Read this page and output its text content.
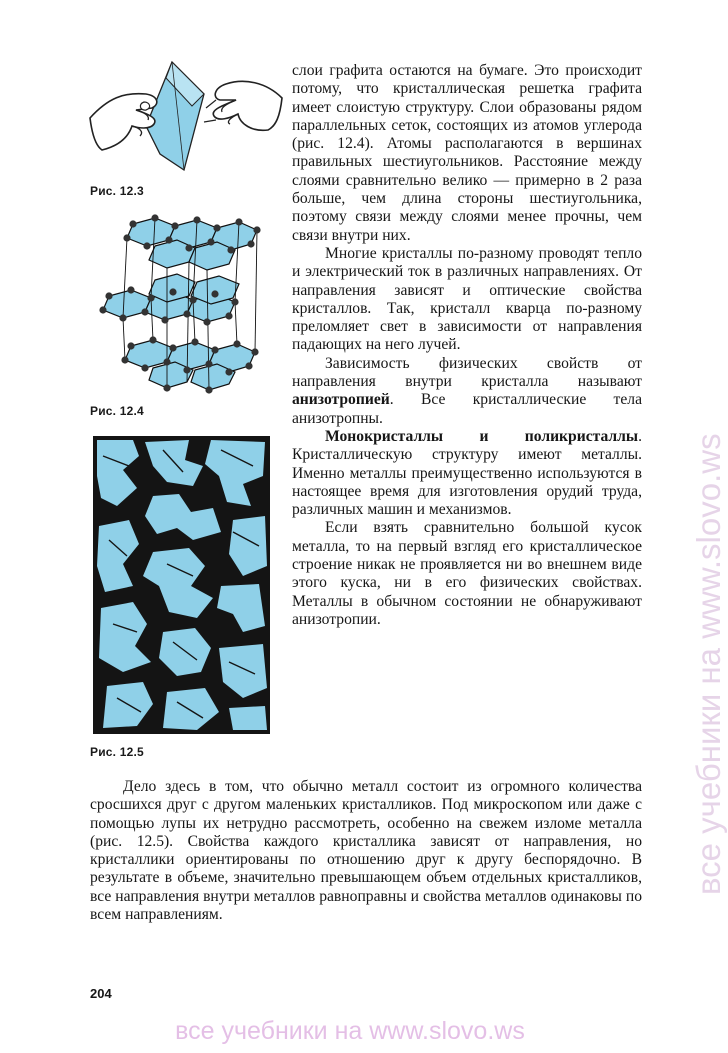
Рис. 12.3
Рис. 12.4
Рис. 12.5

слои графита остаются на бумаге. Это происходит потому, что кристаллическая решетка графита имеет слоистую структуру. Слои образованы рядом параллельных сеток, состоящих из атомов углерода (рис. 12.4). Атомы располагаются в вершинах правильных шестиугольников. Расстояние между слоями сравнительно велико — примерно в 2 раза больше, чем длина стороны шестиугольника, поэтому связи между слоями менее прочны, чем связи внутри них.

Многие кристаллы по-разному проводят тепло и электрический ток в различных направлениях. От направления зависят и оптические свойства кристаллов. Так, кристалл кварца по-разному преломляет свет в зависимости от направления падающих на него лучей.

Зависимость физических свойств от направления внутри кристалла называют анизотропией. Все кристаллические тела анизотропны.

Монокристаллы и поликристаллы. Кристаллическую структуру имеют металлы. Именно металлы преимущественно используются в настоящее время для изготовления орудий труда, различных машин и механизмов.

Если взять сравнительно большой кусок металла, то на первый взгляд его кристаллическое строение никак не проявляется ни во внешнем виде этого куска, ни в его физических свойствах. Металлы в обычном состоянии не обнаруживают анизотропии.

Дело здесь в том, что обычно металл состоит из огромного количества сросшихся друг с другом маленьких кристалликов. Под микроскопом или даже с помощью лупы их нетрудно рассмотреть, особенно на свежем изломе металла (рис. 12.5). Свойства каждого кристаллика зависят от направления, но кристаллики ориентированы по отношению друг к другу беспорядочно. В результате в объеме, значительно превышающем объем отдельных кристалликов, все направления внутри металлов равноправны и свойства металлов одинаковы по всем направлениям.

204
все учебники на www.slovo.ws
все учебники на www.slovo.ws
